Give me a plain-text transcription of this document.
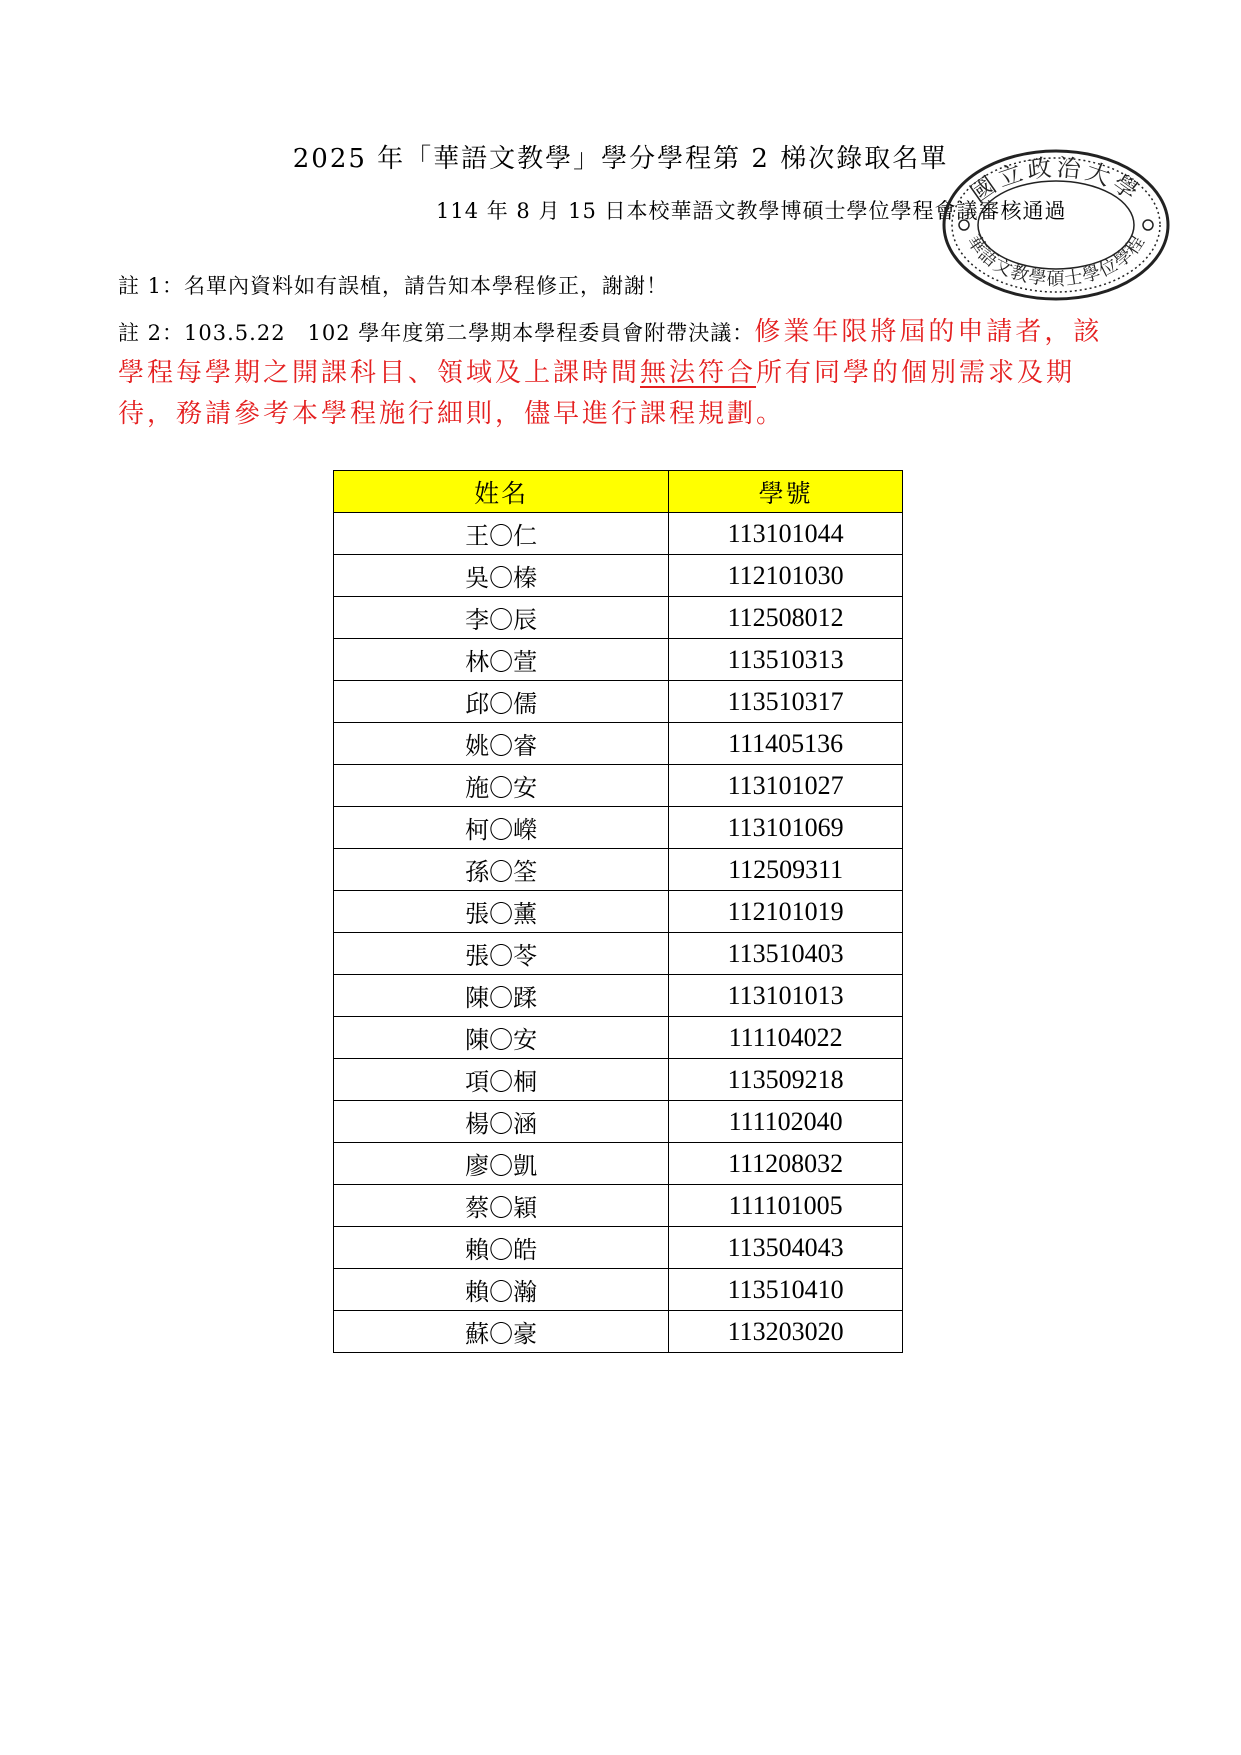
2025 年「華語文教學」學分學程第 2 梯次錄取名單
114 年 8 月 15 日本校華語文教學博碩士學位學程會議審核通過
國立政治大學
華語文教學碩士學位學程
註 1：名單內資料如有誤植，請告知本學程修正，謝謝！
註 2：103.5.22　102 學年度第二學期本學程委員會附帶決議：修業年限將屆的申請者，該學程每學期之開課科目、領域及上課時間無法符合所有同學的個別需求及期待，務請參考本學程施行細則，儘早進行課程規劃。
姓名	學號
王〇仁	113101044
吳〇榛	112101030
李〇辰	112508012
林〇萱	113510313
邱〇儒	113510317
姚〇睿	111405136
施〇安	113101027
柯〇嶸	113101069
孫〇筌	112509311
張〇薰	112101019
張〇苓	113510403
陳〇蹂	113101013
陳〇安	111104022
項〇桐	113509218
楊〇涵	111102040
廖〇凱	111208032
蔡〇穎	111101005
賴〇皓	113504043
賴〇瀚	113510410
蘇〇豪	113203020
